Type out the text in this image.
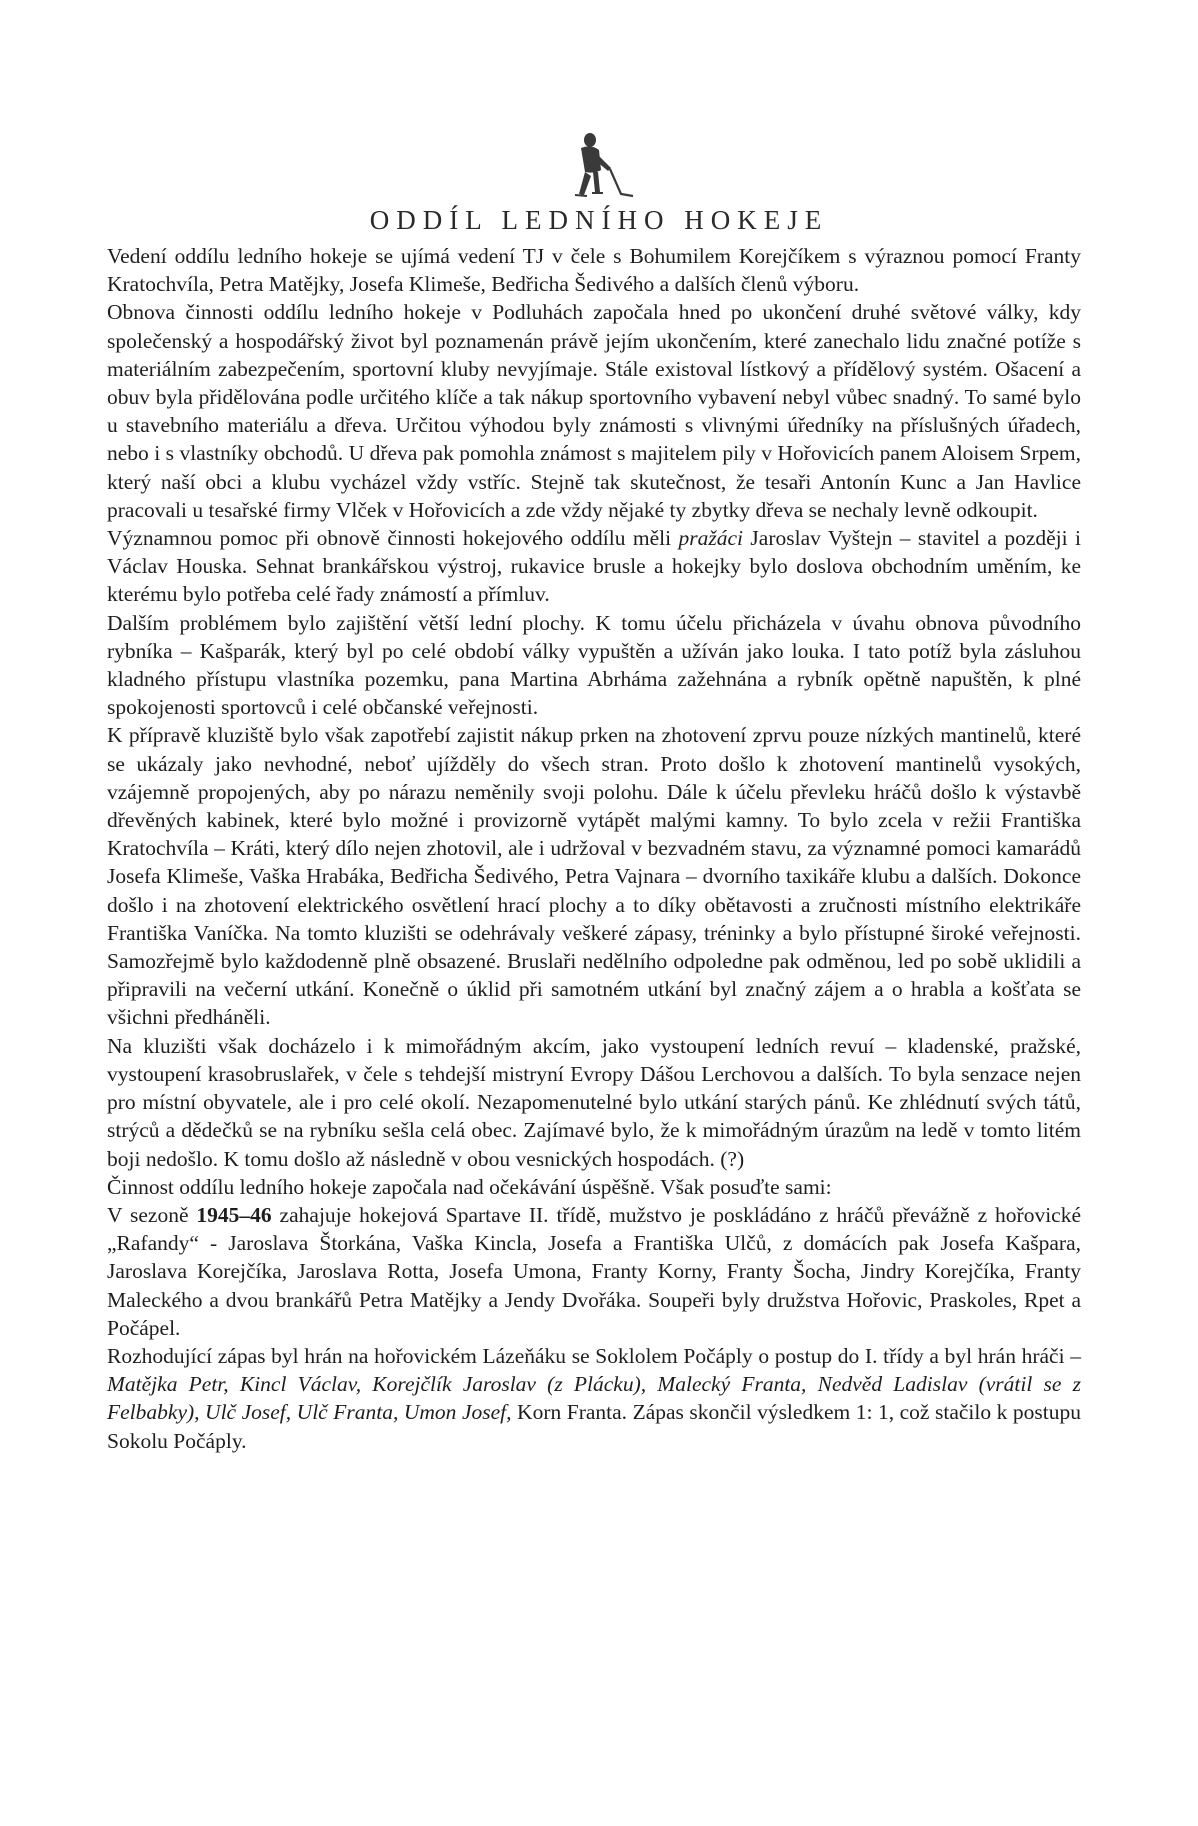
ODDÍL LEDNÍHO HOKEJE

Vedení oddílu ledního hokeje se ujímá vedení TJ v čele s Bohumilem Korejčíkem s výraznou pomocí Franty Kratochvíla, Petra Matějky, Josefa Klimeše, Bedřicha Šedivého a dalších členů výboru.

Obnova činnosti oddílu ledního hokeje v Podluhách započala hned po ukončení druhé světové války, kdy společenský a hospodářský život byl poznamenán právě jejím ukončením, které zanechalo lidu značné potíže s materiálním zabezpečením, sportovní kluby nevyjímaje. Stále existoval lístkový a přídělový systém. Ošacení a obuv byla přidělována podle určitého klíče a tak nákup sportovního vybavení nebyl vůbec snadný. To samé bylo u stavebního materiálu a dřeva. Určitou výhodou byly známosti s vlivnými úředníky na příslušných úřadech, nebo i s vlastníky obchodů. U dřeva pak pomohla známost s majitelem pily v Hořovicích panem Aloisem Srpem, který naší obci a klubu vycházel vždy vstříc. Stejně tak skutečnost, že tesaři Antonín Kunc a Jan Havlice pracovali u tesařské firmy Vlček v Hořovicích a zde vždy nějaké ty zbytky dřeva se nechaly levně odkoupit.

Významnou pomoc při obnově činnosti hokejového oddílu měli pražáci Jaroslav Vyštejn – stavitel a později i Václav Houska. Sehnat brankářskou výstroj, rukavice brusle a hokejky bylo doslova obchodním uměním, ke kterému bylo potřeba celé řady známostí a přímluv.

Dalším problémem bylo zajištění větší lední plochy. K tomu účelu přicházela v úvahu obnova původního rybníka – Kašparák, který byl po celé období války vypuštěn a užíván jako louka. I tato potíž byla zásluhou kladného přístupu vlastníka pozemku, pana Martina Abrháma zažehnána a rybník opětně napuštěn, k plné spokojenosti sportovců i celé občanské veřejnosti.

K přípravě kluziště bylo však zapotřebí zajistit nákup prken na zhotovení zprvu pouze nízkých mantinelů, které se ukázaly jako nevhodné, neboť ujížděly do všech stran. Proto došlo k zhotovení mantinelů vysokých, vzájemně propojených, aby po nárazu neměnily svoji polohu. Dále k účelu převleku hráčů došlo k výstavbě dřevěných kabinek, které bylo možné i provizorně vytápět malými kamny. To bylo zcela v režii Františka Kratochvíla – Kráti, který dílo nejen zhotovil, ale i udržoval v bezvadném stavu, za významné pomoci kamarádů Josefa Klimeše, Vaška Hrabáka, Bedřicha Šedivého, Petra Vajnara – dvorního taxikáře klubu a dalších. Dokonce došlo i na zhotovení elektrického osvětlení hrací plochy a to díky obětavosti a zručnosti místního elektrikáře Františka Vaníčka. Na tomto kluzišti se odehrávaly veškeré zápasy, tréninky a bylo přístupné široké veřejnosti. Samozřejmě bylo každodenně plně obsazené. Bruslaři nedělního odpoledne pak odměnou, led po sobě uklidili a připravili na večerní utkání. Konečně o úklid při samotném utkání byl značný zájem a o hrabla a košťata se všichni předháněli.

Na kluzišti však docházelo i k mimořádným akcím, jako vystoupení ledních revuí – kladenské, pražské, vystoupení krasobruslařek, v čele s tehdejší mistryní Evropy Dášou Lerchovou a dalších. To byla senzace nejen pro místní obyvatele, ale i pro celé okolí. Nezapomenutelné bylo utkání starých pánů. Ke zhlédnutí svých tátů, strýců a dědečků se na rybníku sešla celá obec. Zajímavé bylo, že k mimořádným úrazům na ledě v tomto litém boji nedošlo. K tomu došlo až následně v obou vesnických hospodách. (?)

Činnost oddílu ledního hokeje započala nad očekávání úspěšně. Však posuďte sami:

V sezoně 1945–46 zahajuje hokejová Spartave II. třídě, mužstvo je poskládáno z hráčů převážně z hořovické „Rafandy“ - Jaroslava Štorkána, Vaška Kincla, Josefa a Františka Ulčů, z domácích pak Josefa Kašpara, Jaroslava Korejčíka, Jaroslava Rotta, Josefa Umona, Franty Korny, Franty Šocha, Jindry Korejčíka, Franty Maleckého a dvou brankářů Petra Matějky a Jendy Dvořáka. Soupeři byly družstva Hořovic, Praskoles, Rpet a Počápel.

Rozhodující zápas byl hrán na hořovickém Lázeňáku se Soklolem Počáply o postup do I. třídy a byl hrán hráči – Matějka Petr, Kincl Václav, Korejčlík Jaroslav (z Plácku), Malecký Franta, Nedvěd Ladislav (vrátil se z Felbabky), Ulč Josef, Ulč Franta, Umon Josef, Korn Franta. Zápas skončil výsledkem 1: 1, což stačilo k postupu Sokolu Počáply.
